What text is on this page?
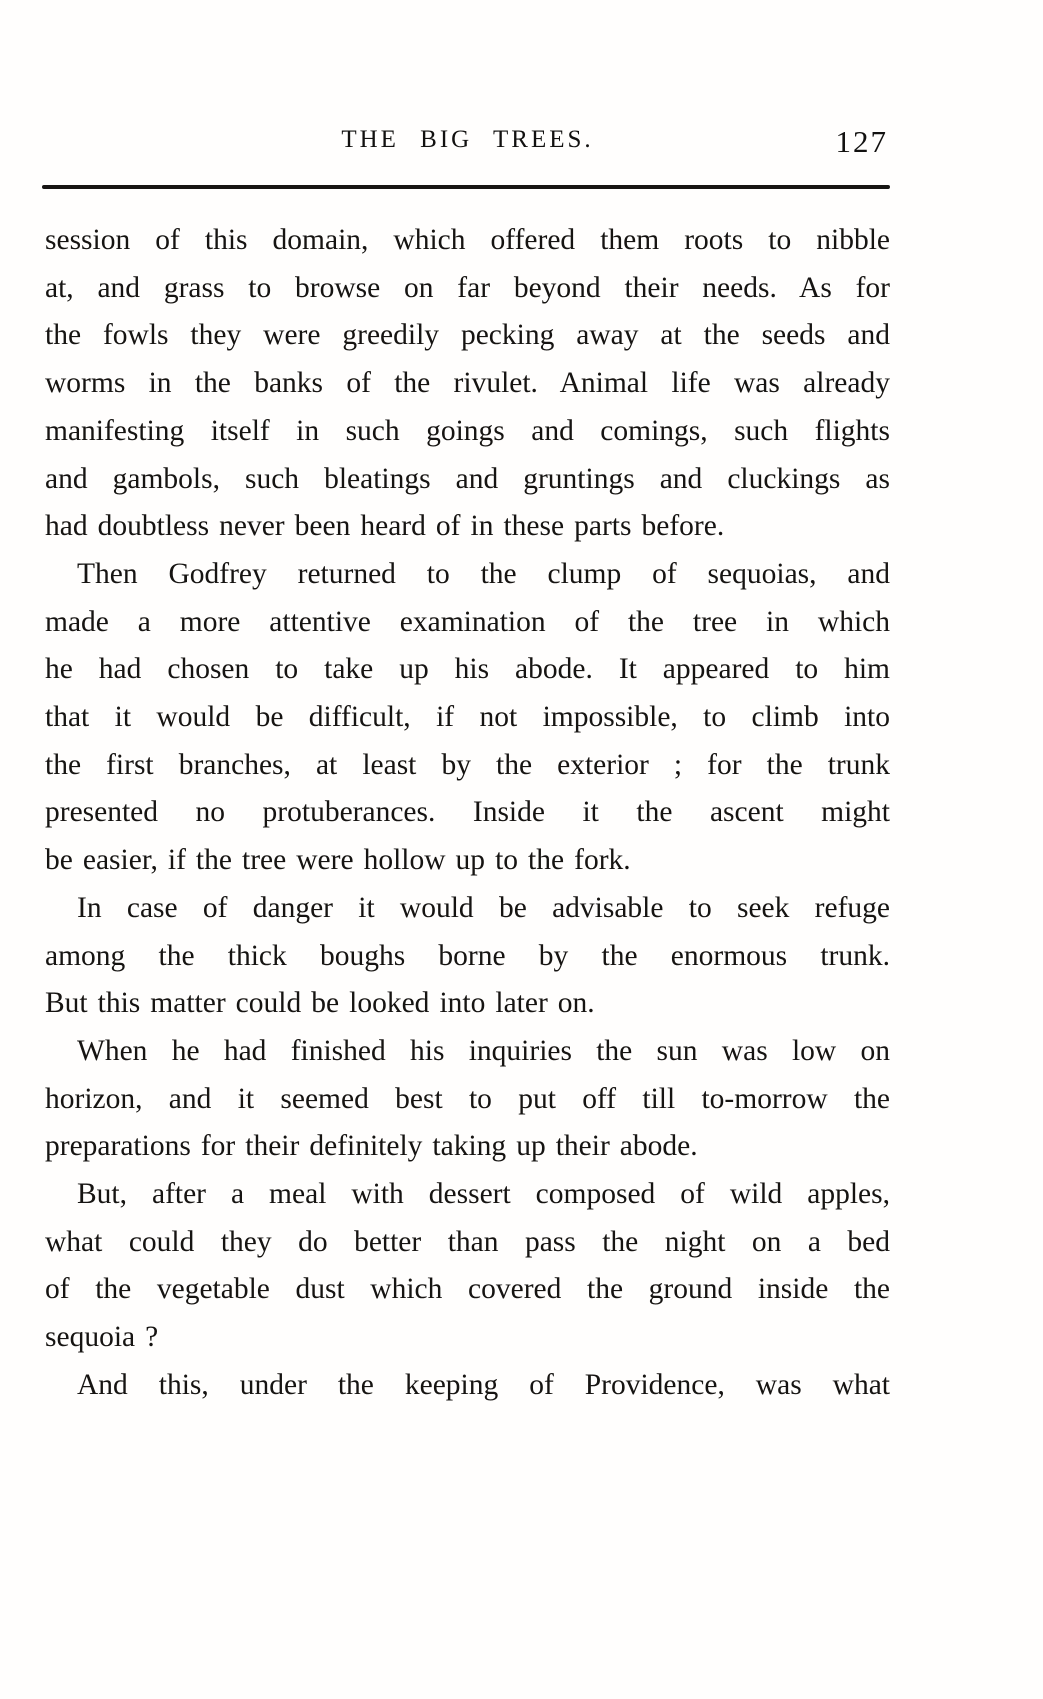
THE BIG TREES.	127
session of this domain, which offered them roots to nibble
at, and grass to browse on far beyond their needs. As for
the fowls they were greedily pecking away at the seeds and
worms in the banks of the rivulet. Animal life was already
manifesting itself in such goings and comings, such flights
and gambols, such bleatings and gruntings and cluckings as
had doubtless never been heard of in these parts before.
Then Godfrey returned to the clump of sequoias, and
made a more attentive examination of the tree in which
he had chosen to take up his abode. It appeared to him
that it would be difficult, if not impossible, to climb into
the first branches, at least by the exterior ; for the trunk
presented no protuberances. Inside it the ascent might
be easier, if the tree were hollow up to the fork.
In case of danger it would be advisable to seek refuge
among the thick boughs borne by the enormous trunk.
But this matter could be looked into later on.
When he had finished his inquiries the sun was low on
horizon, and it seemed best to put off till to-morrow the
preparations for their definitely taking up their abode.
But, after a meal with dessert composed of wild apples,
what could they do better than pass the night on a bed
of the vegetable dust which covered the ground inside the
sequoia ?
And this, under the keeping of Providence, was what
